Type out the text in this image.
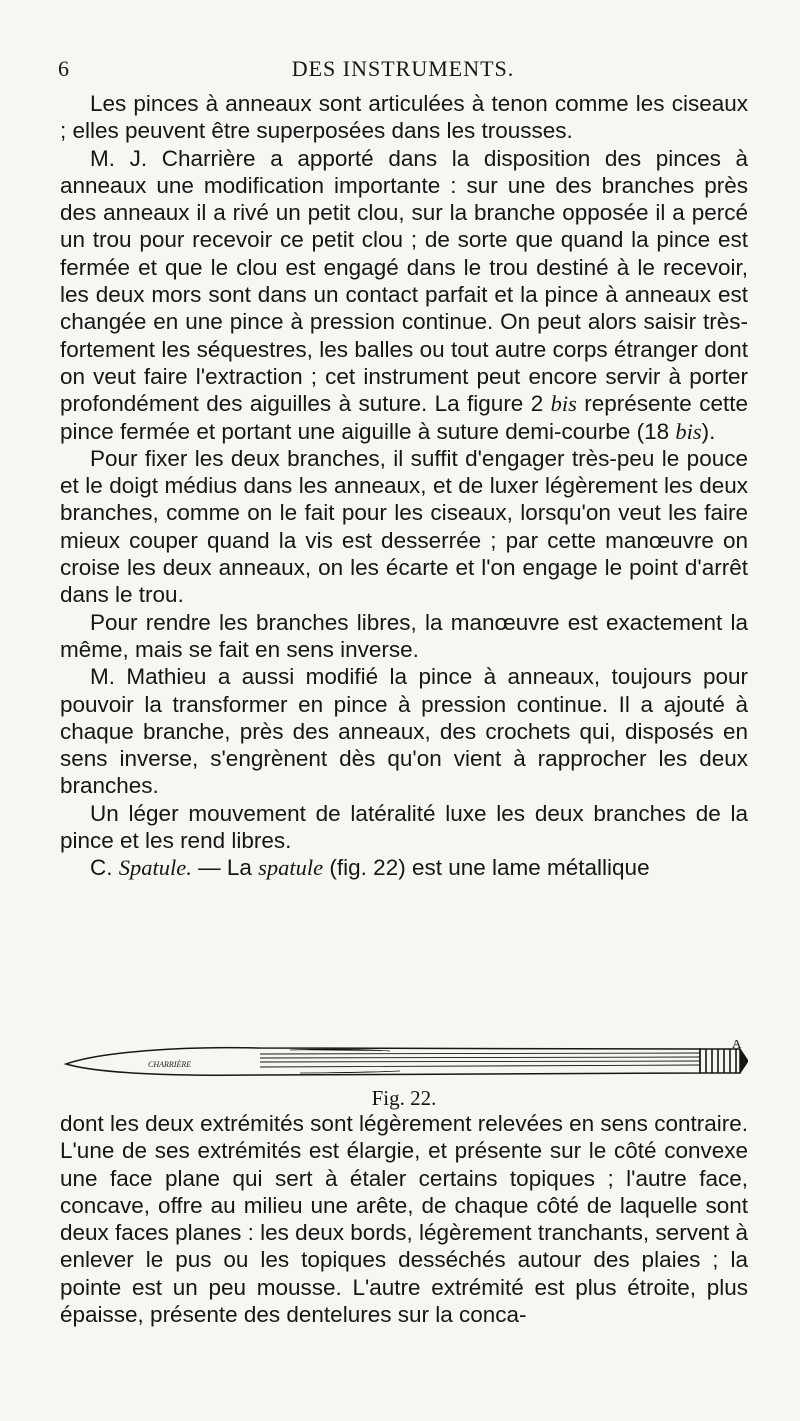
6	DES INSTRUMENTS.

Les pinces à anneaux sont articulées à tenon comme les ciseaux ; elles peuvent être superposées dans les trousses.

M. J. Charrière a apporté dans la disposition des pinces à anneaux une modification importante : sur une des branches près des anneaux il a rivé un petit clou, sur la branche opposée il a percé un trou pour recevoir ce petit clou ; de sorte que quand la pince est fermée et que le clou est engagé dans le trou destiné à le recevoir, les deux mors sont dans un contact parfait et la pince à anneaux est changée en une pince à pression continue. On peut alors saisir très-fortement les séquestres, les balles ou tout autre corps étranger dont on veut faire l'extraction ; cet instrument peut encore servir à porter profondément des aiguilles à suture. La figure 2 bis représente cette pince fermée et portant une aiguille à suture demi-courbe (18 bis).

Pour fixer les deux branches, il suffit d'engager très-peu le pouce et le doigt médius dans les anneaux, et de luxer légèrement les deux branches, comme on le fait pour les ciseaux, lorsqu'on veut les faire mieux couper quand la vis est desserrée ; par cette manœuvre on croise les deux anneaux, on les écarte et l'on engage le point d'arrêt dans le trou.

Pour rendre les branches libres, la manœuvre est exactement la même, mais se fait en sens inverse.

M. Mathieu a aussi modifié la pince à anneaux, toujours pour pouvoir la transformer en pince à pression continue. Il a ajouté à chaque branche, près des anneaux, des crochets qui, disposés en sens inverse, s'engrènent dès qu'on vient à rapprocher les deux branches.

Un léger mouvement de latéralité luxe les deux branches de la pince et les rend libres.

C. Spatule. — La spatule (fig. 22) est une lame métallique

A
CHARRIÈRE
Fig. 22.

dont les deux extrémités sont légèrement relevées en sens contraire. L'une de ses extrémités est élargie, et présente sur le côté convexe une face plane qui sert à étaler certains topiques ; l'autre face, concave, offre au milieu une arête, de chaque côté de laquelle sont deux faces planes : les deux bords, légèrement tranchants, servent à enlever le pus ou les topiques desséchés autour des plaies ; la pointe est un peu mousse. L'autre extrémité est plus étroite, plus épaisse, présente des dentelures sur la conca-
